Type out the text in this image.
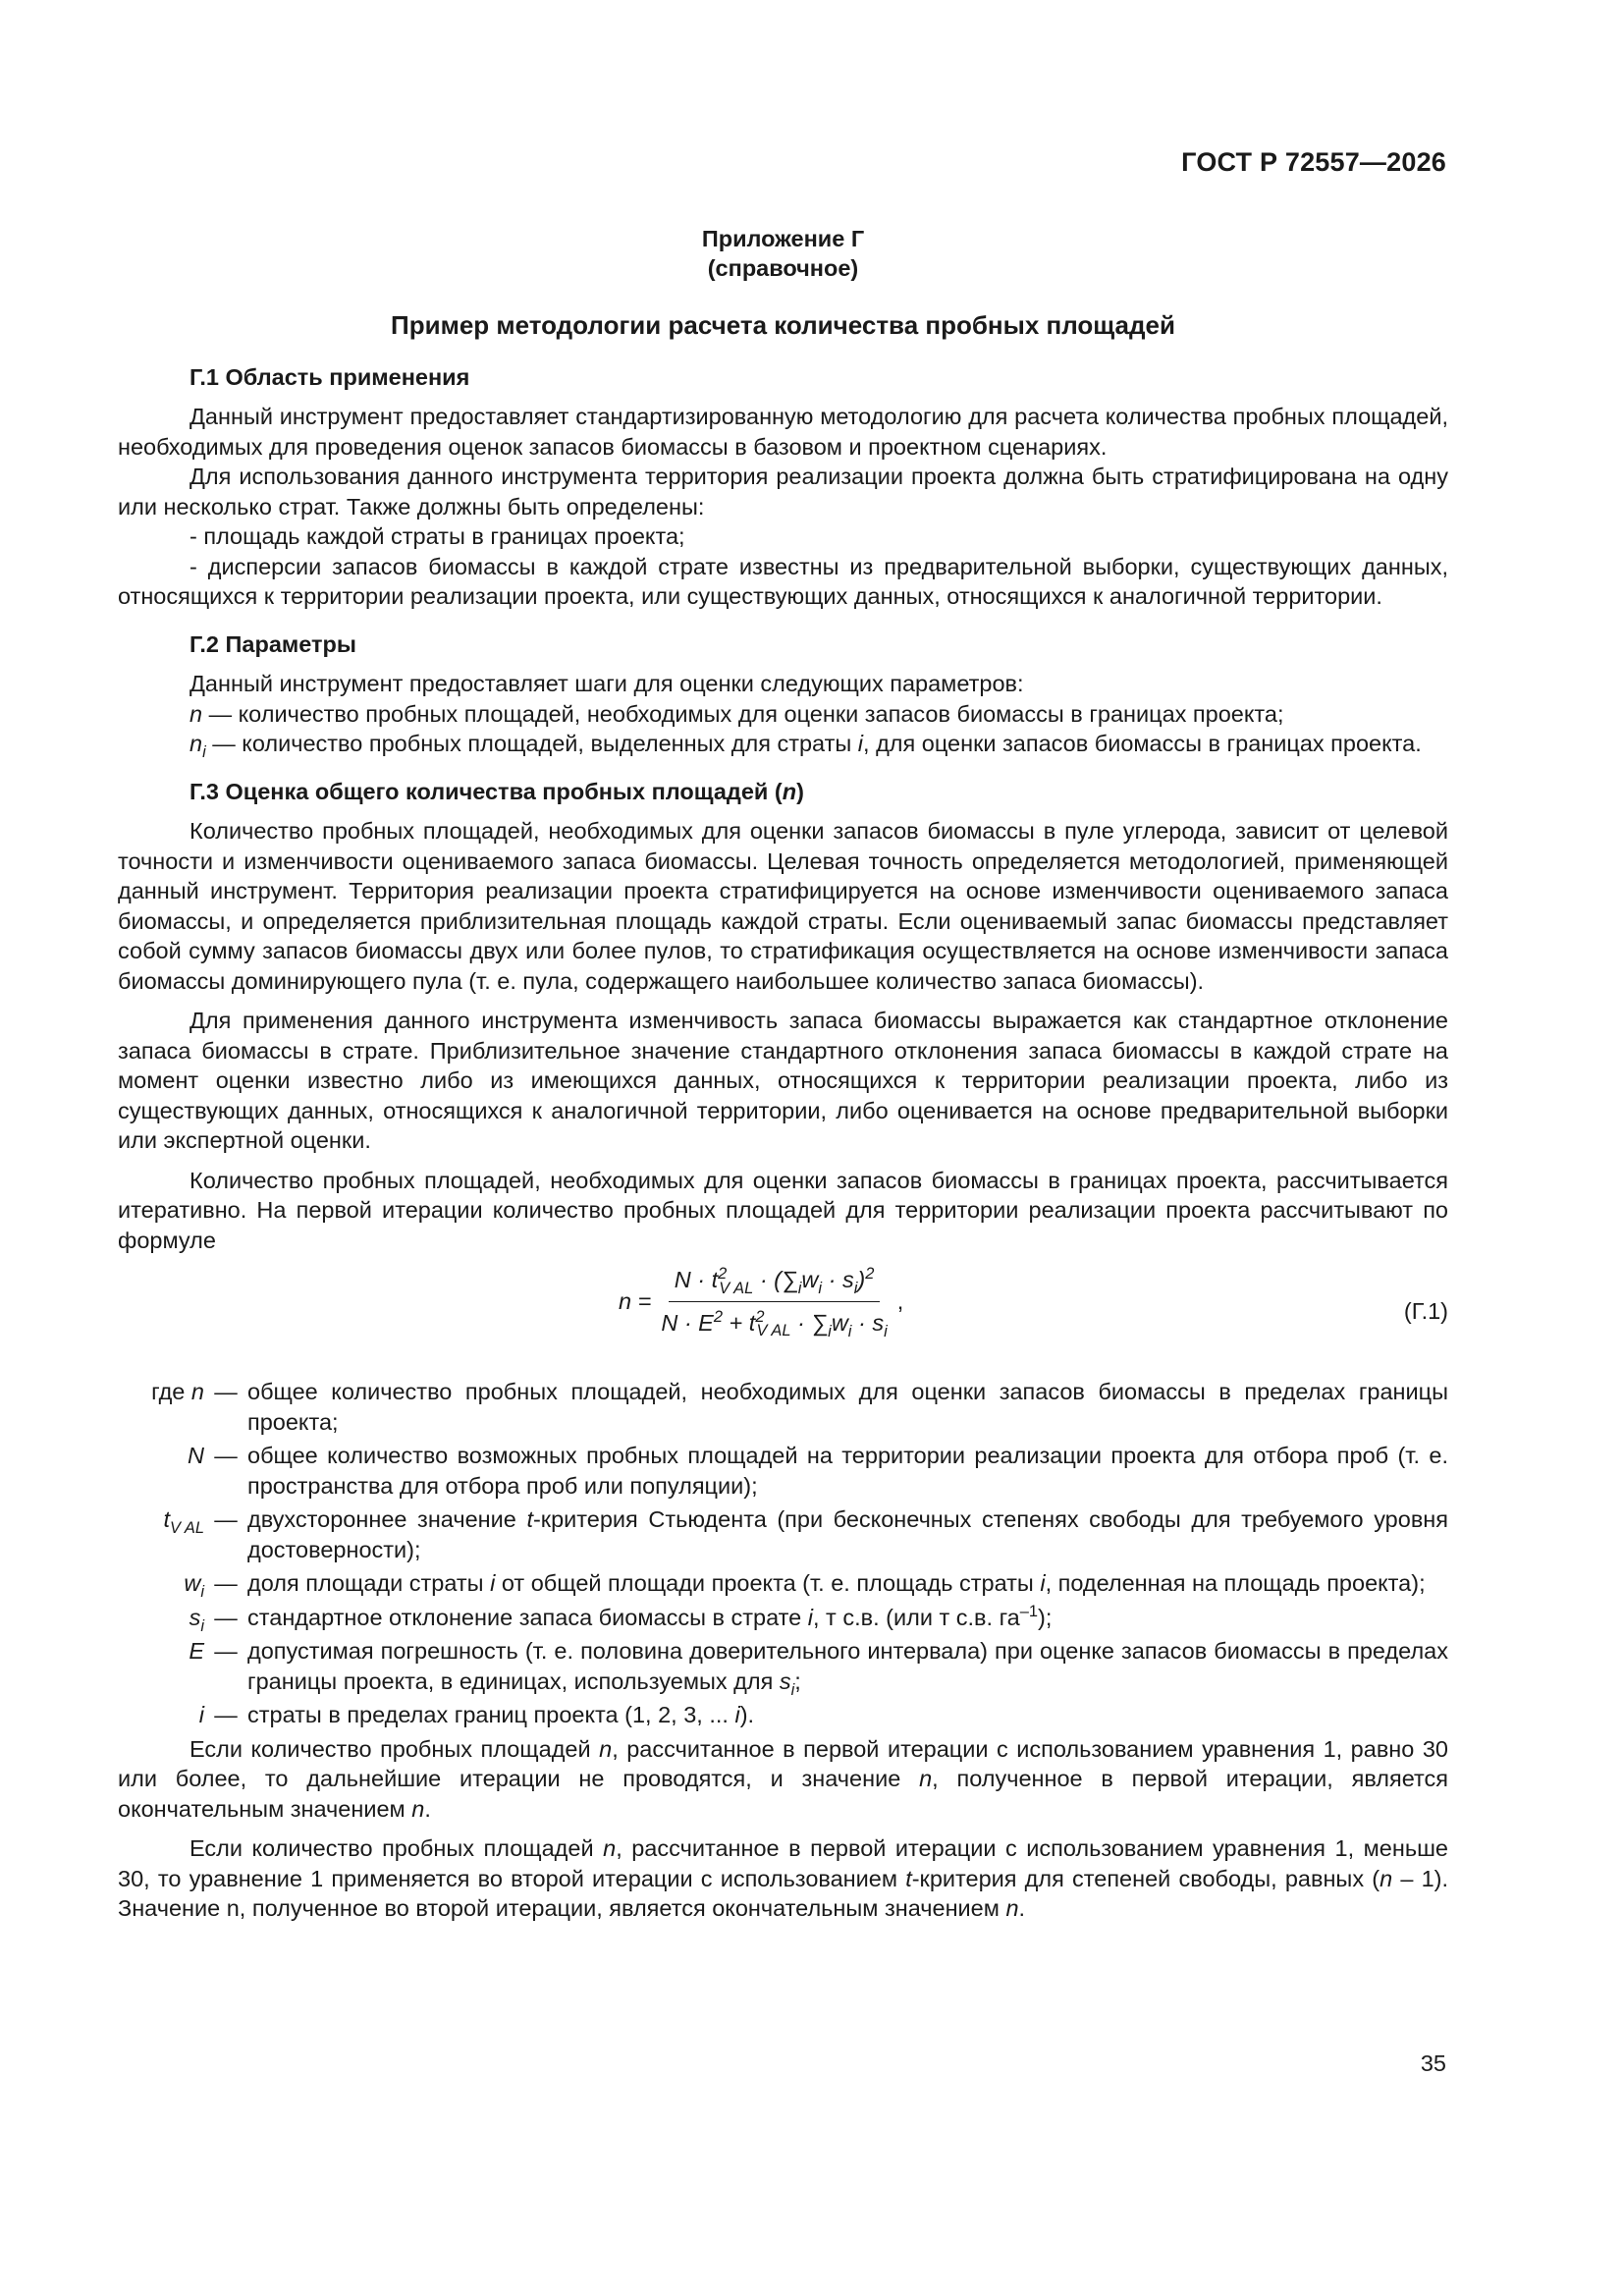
ГОСТ Р 72557—2026
Приложение Г
(справочное)
Пример методологии расчета количества пробных площадей
Г.1 Область применения

Данный инструмент предоставляет стандартизированную методологию для расчета количества пробных площадей, необходимых для проведения оценок запасов биомассы в базовом и проектном сценариях.

Для использования данного инструмента территория реализации проекта должна быть стратифицирована на одну или несколько страт. Также должны быть определены:

- площадь каждой страты в границах проекта;

- дисперсии запасов биомассы в каждой страте известны из предварительной выборки, существующих данных, относящихся к территории реализации проекта, или существующих данных, относящихся к аналогичной территории.

Г.2 Параметры

Данный инструмент предоставляет шаги для оценки следующих параметров:

n — количество пробных площадей, необходимых для оценки запасов биомассы в границах проекта;

$n_i$ — количество пробных площадей, выделенных для страты i, для оценки запасов биомассы в границах проекта.

Г.3 Оценка общего количества пробных площадей (n)

Количество пробных площадей, необходимых для оценки запасов биомассы в пуле углерода, зависит от целевой точности и изменчивости оцениваемого запаса биомассы. Целевая точность определяется методологией, применяющей данный инструмент. Территория реализации проекта стратифицируется на основе изменчивости оцениваемого запаса биомассы, и определяется приблизительная площадь каждой страты. Если оцениваемый запас биомассы представляет собой сумму запасов биомассы двух или более пулов, то стратификация осуществляется на основе изменчивости запаса биомассы доминирующего пула (т. е. пула, содержащего наибольшее количество запаса биомассы).

Для применения данного инструмента изменчивость запаса биомассы выражается как стандартное отклонение запаса биомассы в страте. Приблизительное значение стандартного отклонения запаса биомассы в каждой страте на момент оценки известно либо из имеющихся данных, относящихся к территории реализации проекта, либо из существующих данных, относящихся к аналогичной территории, либо оценивается на основе предварительной выборки или экспертной оценки.

Количество пробных площадей, необходимых для оценки запасов биомассы в границах проекта, рассчитывается итеративно. На первой итерации количество пробных площадей для территории реализации проекта рассчитывают по формуле

$n = \frac{N \cdot t^2_{V AL} \cdot (\sum_iw_i \cdot s_i)^2}{N \cdot E^2 + t^2_{V AL} \cdot \sum_iw_i \cdot s_i}$ ,	(Г.1)
где n — общее количество пробных площадей, необходимых для оценки запасов биомассы в пределах границы проекта;
N — общее количество возможных пробных площадей на территории реализации проекта для отбора проб (т. е. пространства для отбора проб или популяции);
$t_{V AL}$ — двухстороннее значение t-критерия Стьюдента (при бесконечных степенях свободы для требуемого уровня достоверности);
$w_i$ — доля площади страты i от общей площади проекта (т. е. площадь страты i, поделенная на площадь проекта);
$s_i$ — стандартное отклонение запаса биомассы в страте i, т с.в. (или т с.в. $га^{-1}$);
E — допустимая погрешность (т. е. половина доверительного интервала) при оценке запасов биомассы в пределах границы проекта, в единицах, используемых для $s_i$;
i — страты в пределах границ проекта (1, 2, 3, ... i).

Если количество пробных площадей n, рассчитанное в первой итерации с использованием уравнения 1, равно 30 или более, то дальнейшие итерации не проводятся, и значение n, полученное в первой итерации, является окончательным значением n.

Если количество пробных площадей n, рассчитанное в первой итерации с использованием уравнения 1, меньше 30, то уравнение 1 применяется во второй итерации с использованием t-критерия для степеней свободы, равных (n – 1). Значение n, полученное во второй итерации, является окончательным значением n.

35
